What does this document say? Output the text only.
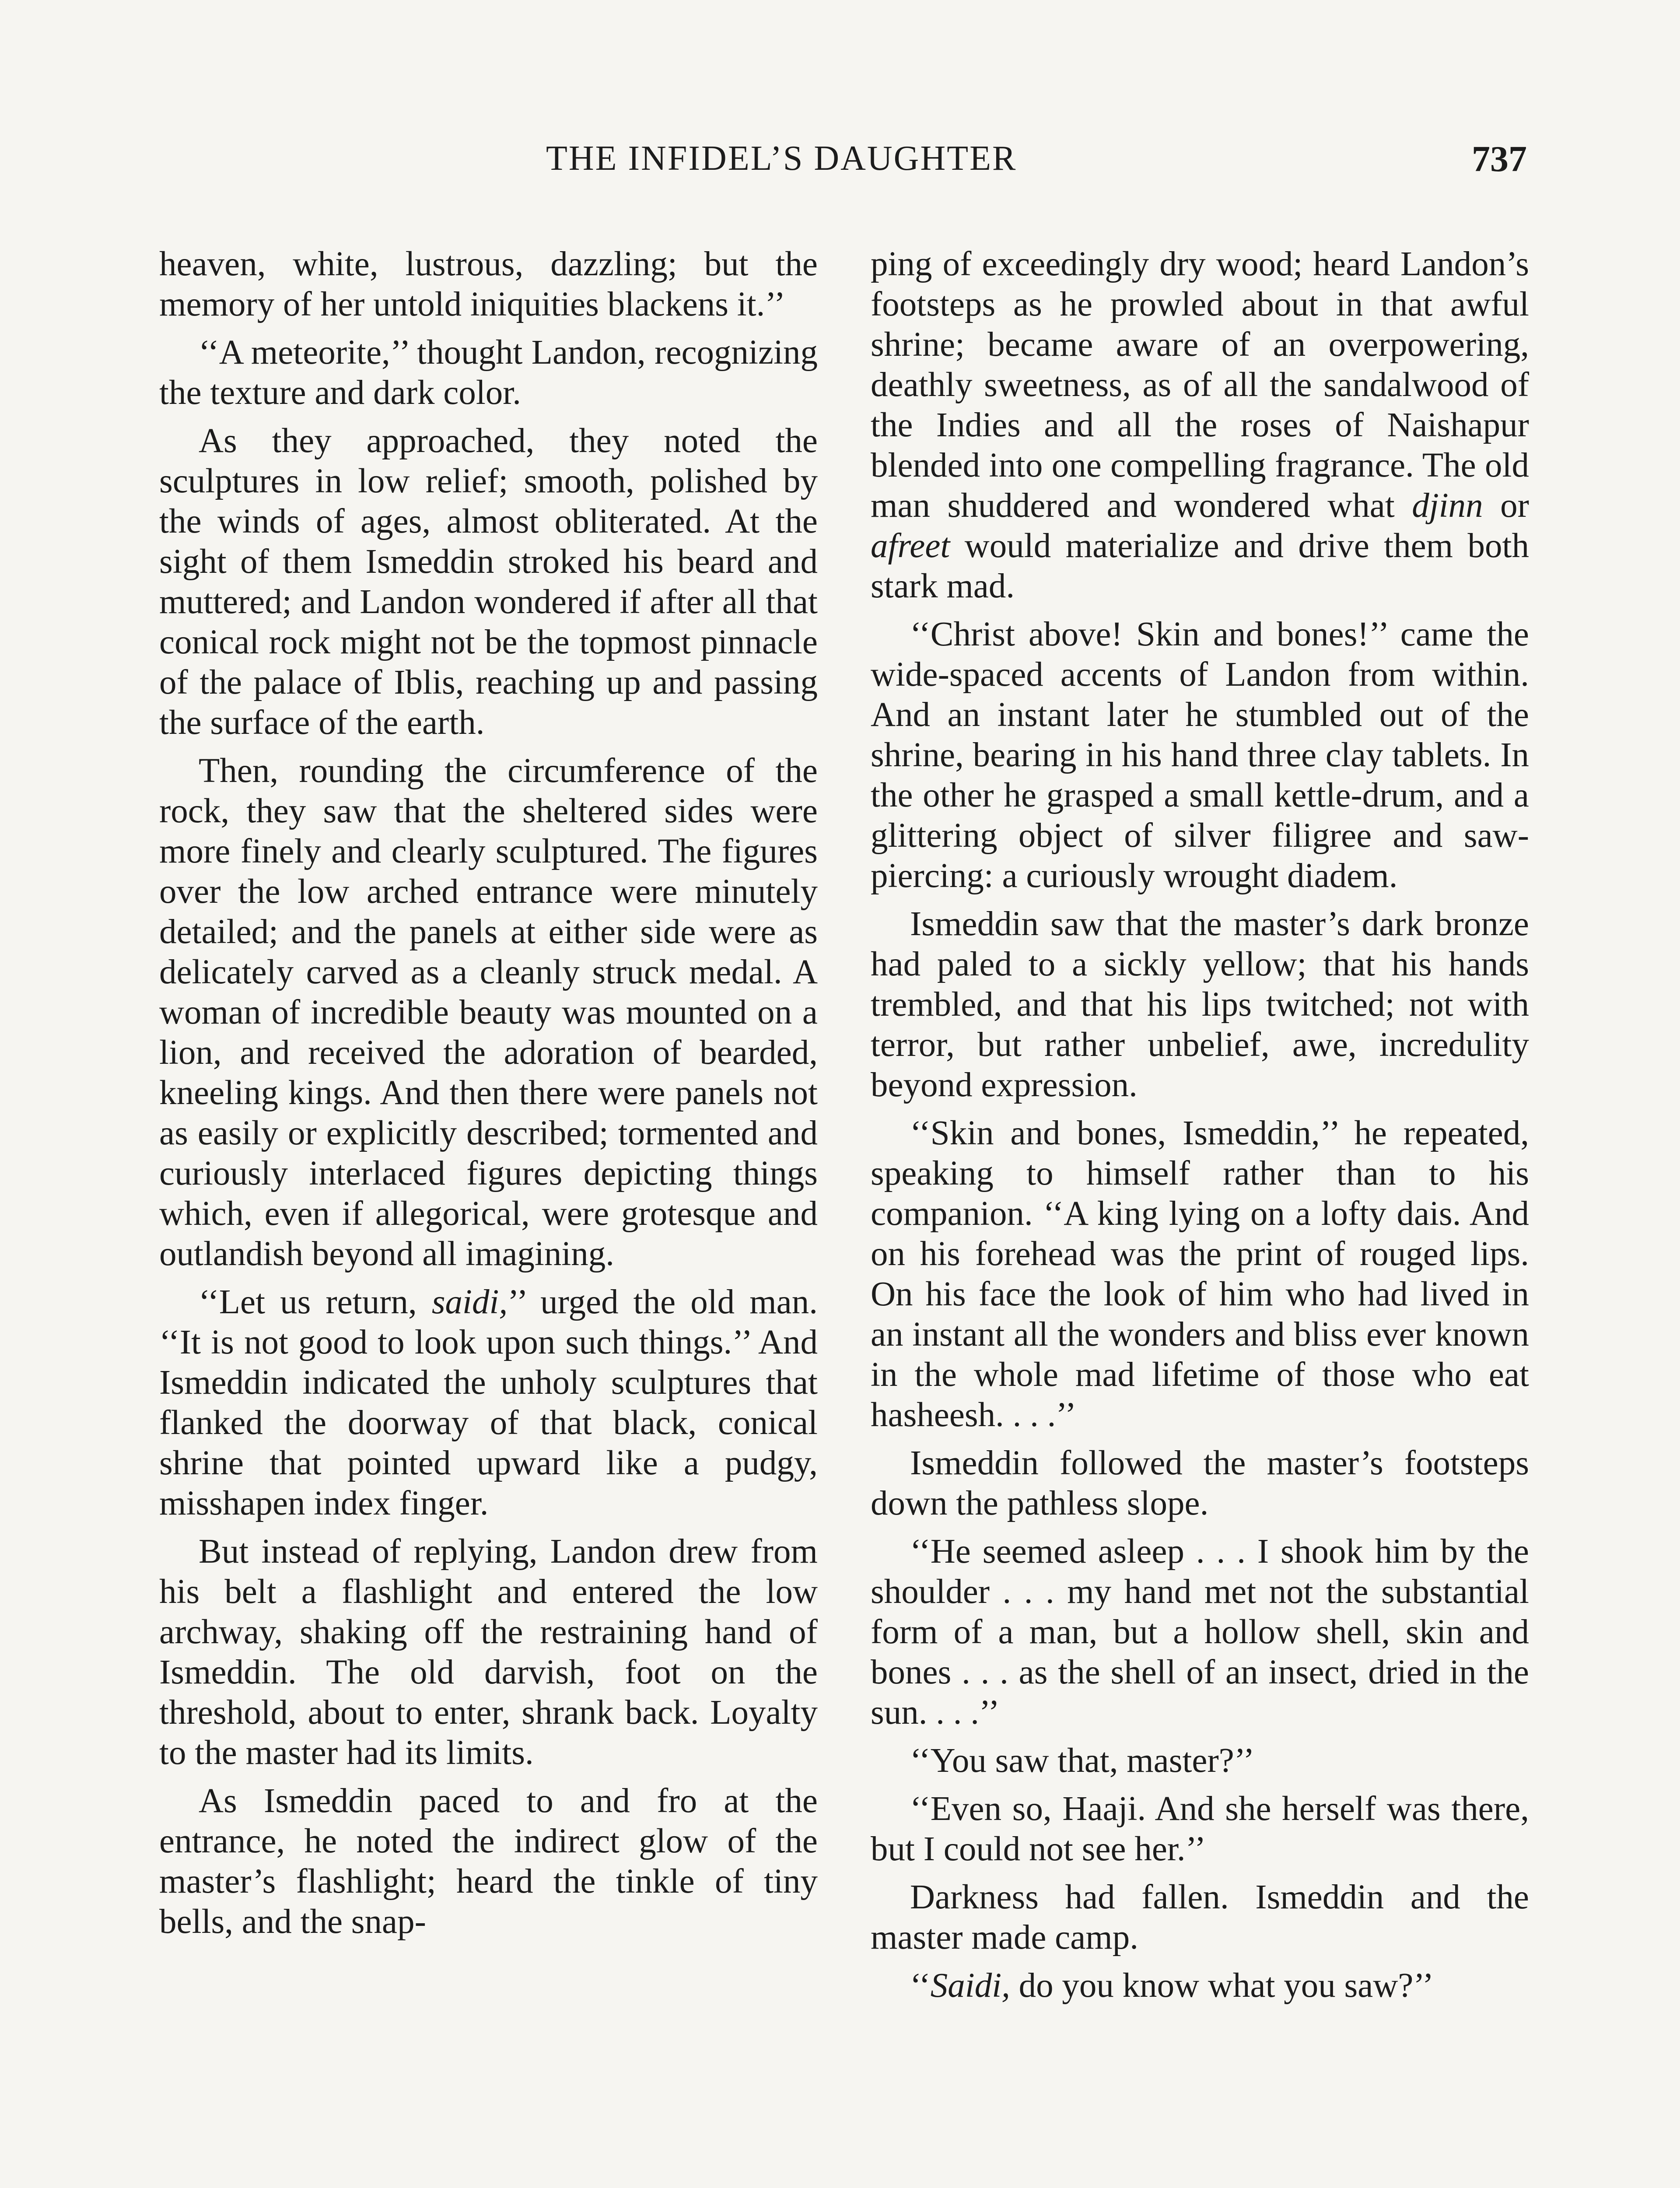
THE INFIDEL’S DAUGHTER	737

heaven, white, lustrous, dazzling; but the memory of her untold iniquities blackens it.’’

‘‘A meteorite,’’ thought Landon, recognizing the texture and dark color.

As they approached, they noted the sculptures in low relief; smooth, polished by the winds of ages, almost obliterated. At the sight of them Ismeddin stroked his beard and muttered; and Landon wondered if after all that conical rock might not be the topmost pinnacle of the palace of Iblis, reaching up and passing the surface of the earth.

Then, rounding the circumference of the rock, they saw that the sheltered sides were more finely and clearly sculptured. The figures over the low arched entrance were minutely detailed; and the panels at either side were as delicately carved as a cleanly struck medal. A woman of incredible beauty was mounted on a lion, and received the adoration of bearded, kneeling kings. And then there were panels not as easily or explicitly described; tormented and curiously interlaced figures depicting things which, even if allegorical, were grotesque and outlandish beyond all imagining.

‘‘Let us return, saidi,’’ urged the old man. ‘‘It is not good to look upon such things.’’ And Ismeddin indicated the unholy sculptures that flanked the doorway of that black, conical shrine that pointed upward like a pudgy, misshapen index finger.

But instead of replying, Landon drew from his belt a flashlight and entered the low archway, shaking off the restraining hand of Ismeddin. The old darvish, foot on the threshold, about to enter, shrank back. Loyalty to the master had its limits.

As Ismeddin paced to and fro at the entrance, he noted the indirect glow of the master’s flashlight; heard the tinkle of tiny bells, and the snap-

ping of exceedingly dry wood; heard Landon’s footsteps as he prowled about in that awful shrine; became aware of an overpowering, deathly sweetness, as of all the sandalwood of the Indies and all the roses of Naishapur blended into one compelling fragrance. The old man shuddered and wondered what djinn or afreet would materialize and drive them both stark mad.

‘‘Christ above! Skin and bones!’’ came the wide-spaced accents of Landon from within. And an instant later he stumbled out of the shrine, bearing in his hand three clay tablets. In the other he grasped a small kettle-drum, and a glittering object of silver filigree and saw-piercing: a curiously wrought diadem.

Ismeddin saw that the master’s dark bronze had paled to a sickly yellow; that his hands trembled, and that his lips twitched; not with terror, but rather unbelief, awe, incredulity beyond expression.

‘‘Skin and bones, Ismeddin,’’ he repeated, speaking to himself rather than to his companion. ‘‘A king lying on a lofty dais. And on his forehead was the print of rouged lips. On his face the look of him who had lived in an instant all the wonders and bliss ever known in the whole mad lifetime of those who eat hasheesh. . . .’’

Ismeddin followed the master’s footsteps down the pathless slope.

‘‘He seemed asleep . . . I shook him by the shoulder . . . my hand met not the substantial form of a man, but a hollow shell, skin and bones . . . as the shell of an insect, dried in the sun. . . .’’

‘‘You saw that, master?’’

‘‘Even so, Haaji. And she herself was there, but I could not see her.’’

Darkness had fallen. Ismeddin and the master made camp.

‘‘Saidi, do you know what you saw?’’
